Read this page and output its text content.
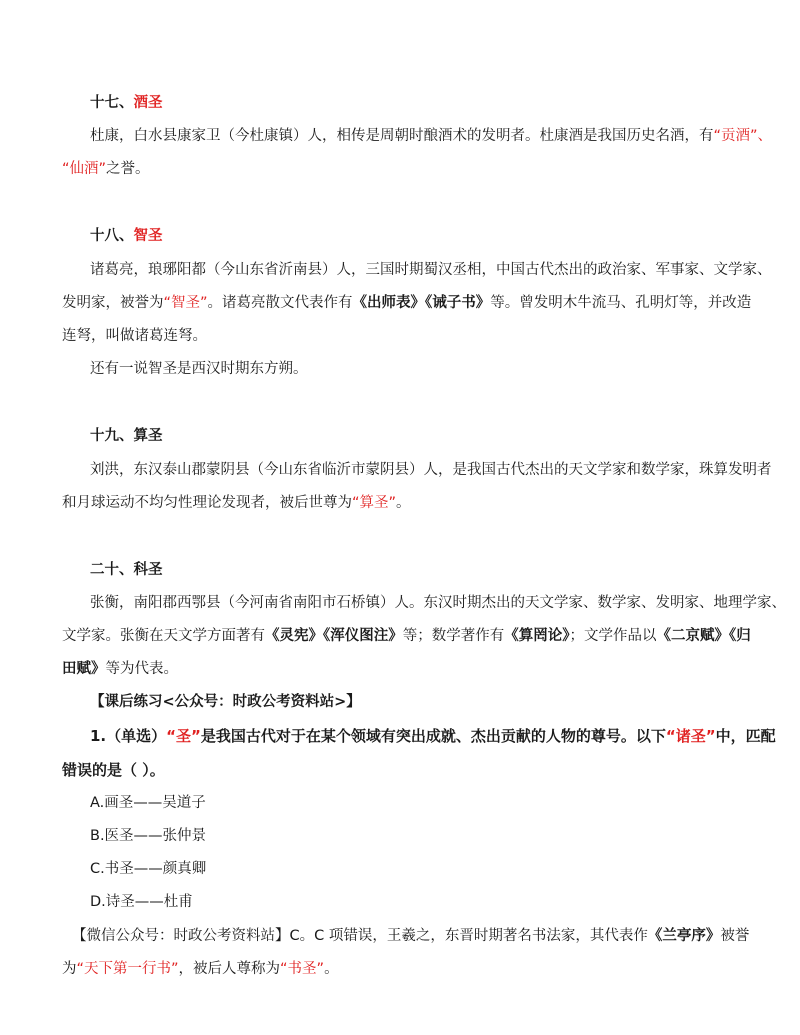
十七、酒圣
杜康，白水县康家卫（今杜康镇）人，相传是周朝时酿酒术的发明者。杜康酒是我国历史名酒，有“贡酒”、
“仙酒”之誉。
十八、智圣
诸葛亮，琅琊阳都（今山东省沂南县）人，三国时期蜀汉丞相，中国古代杰出的政治家、军事家、文学家、
发明家，被誉为“智圣”。诸葛亮散文代表作有《出师表》《诫子书》等。曾发明木牛流马、孔明灯等，并改造
连弩，叫做诸葛连弩。
还有一说智圣是西汉时期东方朔。
十九、算圣
刘洪，东汉泰山郡蒙阴县（今山东省临沂市蒙阴县）人，是我国古代杰出的天文学家和数学家，珠算发明者
和月球运动不均匀性理论发现者，被后世尊为“算圣”。
二十、科圣
张衡，南阳郡西鄂县（今河南省南阳市石桥镇）人。东汉时期杰出的天文学家、数学家、发明家、地理学家、
文学家。张衡在天文学方面著有《灵宪》《浑仪图注》等；数学著作有《算罔论》；文学作品以《二京赋》《归
田赋》等为代表。
【课后练习<公众号：时政公考资料站>】
1.（单选）“圣”是我国古代对于在某个领域有突出成就、杰出贡献的人物的尊号。以下“诸圣”中，匹配
错误的是（ ）。
A.画圣——吴道子
B.医圣——张仲景
C.书圣——颜真卿
D.诗圣——杜甫
【微信公众号：时政公考资料站】C。C 项错误，王羲之，东晋时期著名书法家，其代表作《兰亭序》被誉
为“天下第一行书”，被后人尊称为“书圣”。
